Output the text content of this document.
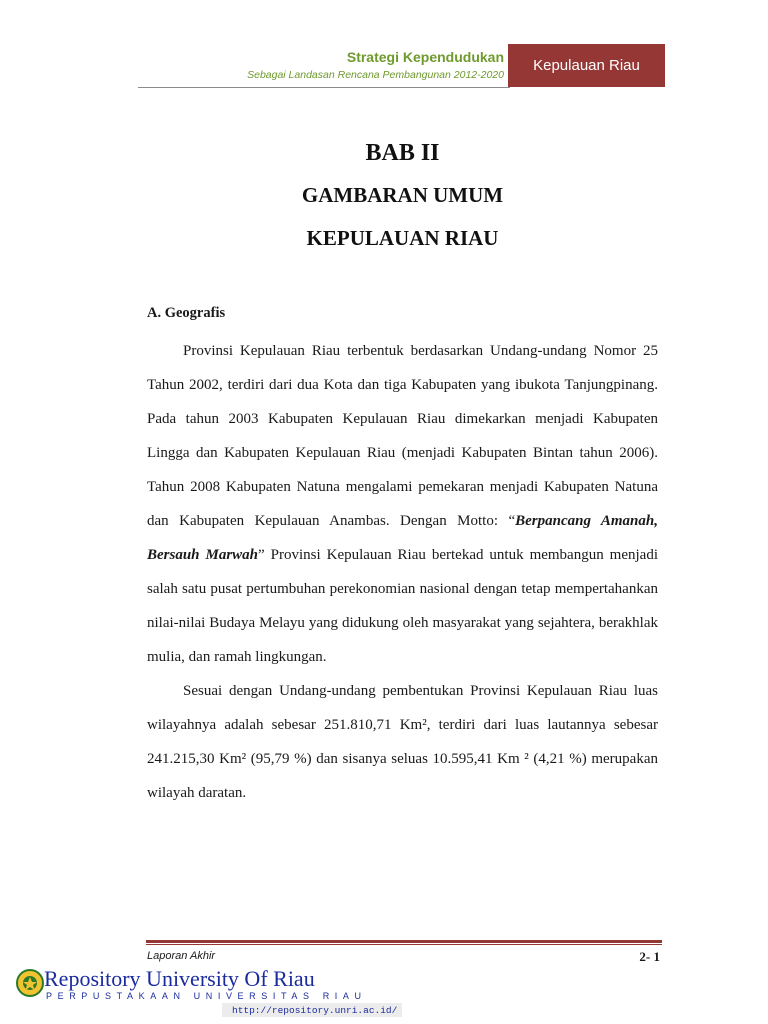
Strategi Kependudukan
Sebagai Landasan Rencana Pembangunan 2012-2020
Kepulauan Riau
BAB II
GAMBARAN UMUM
KEPULAUAN RIAU
A. Geografis

Provinsi Kepulauan Riau terbentuk berdasarkan Undang-undang Nomor 25 Tahun 2002, terdiri dari dua Kota dan tiga Kabupaten yang ibukota Tanjungpinang. Pada tahun 2003 Kabupaten Kepulauan Riau dimekarkan menjadi Kabupaten Lingga dan Kabupaten Kepulauan Riau (menjadi Kabupaten Bintan tahun 2006). Tahun 2008 Kabupaten Natuna mengalami pemekaran menjadi Kabupaten Natuna dan Kabupaten Kepulauan Anambas. Dengan Motto: “Berpancang Amanah, Bersauh Marwah” Provinsi Kepulauan Riau bertekad untuk membangun menjadi salah satu pusat pertumbuhan perekonomian nasional dengan tetap mempertahankan nilai-nilai Budaya Melayu yang didukung oleh masyarakat yang sejahtera, berakhlak mulia, dan ramah lingkungan.

Sesuai dengan Undang-undang pembentukan Provinsi Kepulauan Riau luas wilayahnya adalah sebesar 251.810,71 Km², terdiri dari luas lautannya sebesar 241.215,30 Km² (95,79 %) dan sisanya seluas 10.595,41 Km ² (4,21 %) merupakan wilayah daratan.

Laporan Akhir	2- 1
Repository University Of Riau
PERPUSTAKAAN UNIVERSITAS RIAU
http://repository.unri.ac.id/
